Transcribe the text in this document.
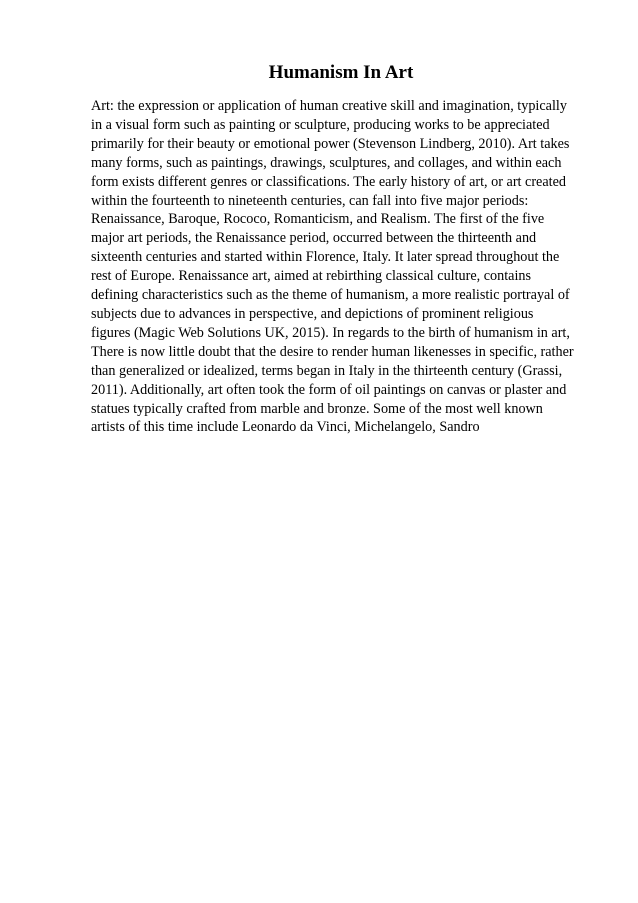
Humanism In Art

Art: the expression or application of human creative skill and imagination, typically
in a visual form such as painting or sculpture, producing works to be appreciated
primarily for their beauty or emotional power (Stevenson Lindberg, 2010). Art takes
many forms, such as paintings, drawings, sculptures, and collages, and within each
form exists different genres or classifications. The early history of art, or art created
within the fourteenth to nineteenth centuries, can fall into five major periods:
Renaissance, Baroque, Rococo, Romanticism, and Realism. The first of the five
major art periods, the Renaissance period, occurred between the thirteenth and
sixteenth centuries and started within Florence, Italy. It later spread throughout the
rest of Europe. Renaissance art, aimed at rebirthing classical culture, contains
defining characteristics such as the theme of humanism, a more realistic portrayal of
subjects due to advances in perspective, and depictions of prominent religious
figures (Magic Web Solutions UK, 2015). In regards to the birth of humanism in art,
There is now little doubt that the desire to render human likenesses in specific, rather
than generalized or idealized, terms began in Italy in the thirteenth century (Grassi,
2011). Additionally, art often took the form of oil paintings on canvas or plaster and
statues typically crafted from marble and bronze. Some of the most well known
artists of this time include Leonardo da Vinci, Michelangelo, Sandro
